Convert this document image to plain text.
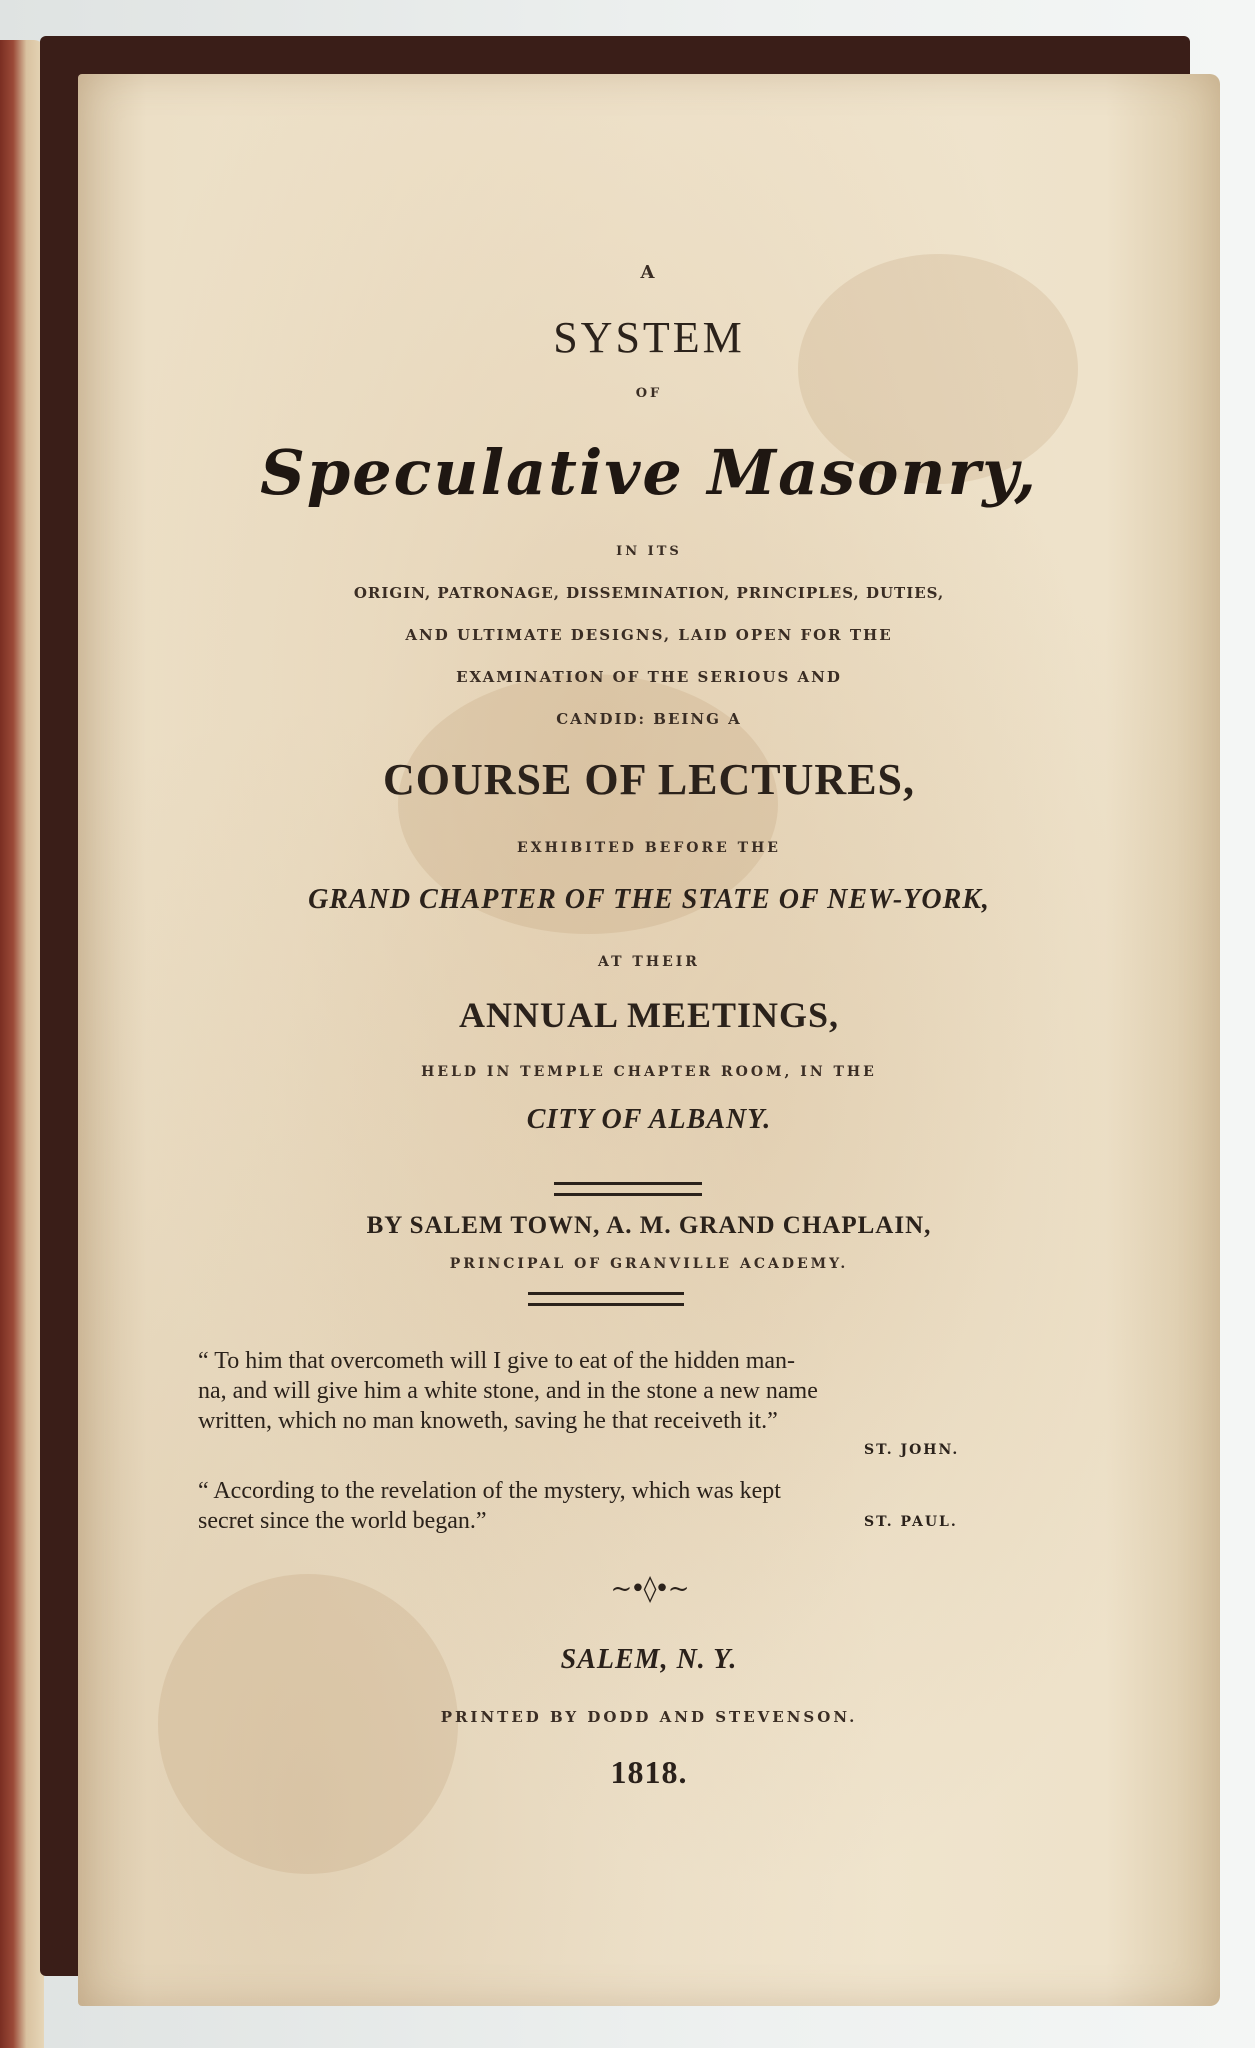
A
SYSTEM
OF
Speculative Masonry,
IN ITS
ORIGIN, PATRONAGE, DISSEMINATION, PRINCIPLES, DUTIES,
AND ULTIMATE DESIGNS, LAID OPEN FOR THE
EXAMINATION OF THE SERIOUS AND
CANDID: BEING A
COURSE OF LECTURES,
EXHIBITED BEFORE THE
GRAND CHAPTER OF THE STATE OF NEW-YORK,
AT THEIR
ANNUAL MEETINGS,
HELD IN TEMPLE CHAPTER ROOM, IN THE
CITY OF ALBANY.
BY SALEM TOWN, A. M. GRAND CHAPLAIN,
PRINCIPAL OF GRANVILLE ACADEMY.
“ To him that overcometh will I give to eat of the hidden man-
na, and will give him a white stone, and in the stone a new name
written, which no man knoweth, saving he that receiveth it.”
ST. JOHN.
“ According to the revelation of the mystery, which was kept
secret since the world began.”	ST. PAUL.
~•◊•~
SALEM, N. Y.
PRINTED BY DODD AND STEVENSON.
1818.
